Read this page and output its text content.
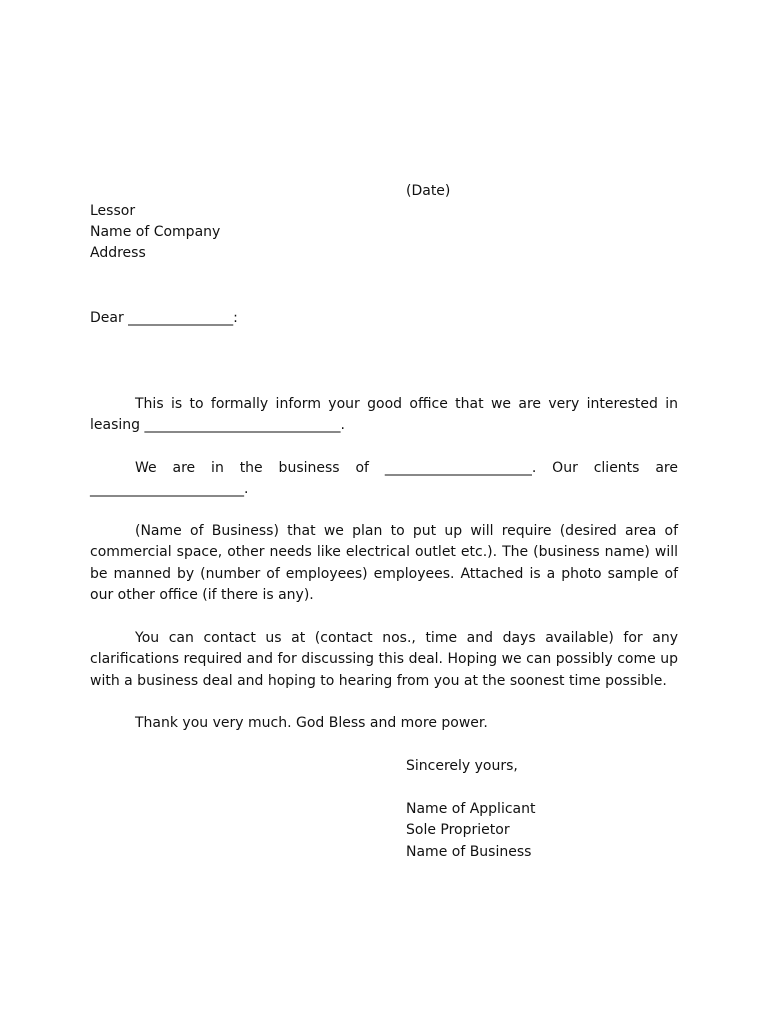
(Date)
Lessor
Name of Company
Address
Dear _______________:
This is to formally inform your good office that we are very interested in leasing ____________________________.
We are in the business of _____________________. Our clients are ______________________.
(Name of Business) that we plan to put up will require (desired area of commercial space, other needs like electrical outlet etc.). The (business name) will be manned by (number of employees) employees. Attached is a photo sample of our other office (if there is any).
You can contact us at (contact nos., time and days available) for any clarifications required and for discussing this deal. Hoping we can possibly come up with a business deal and hoping to hearing from you at the soonest time possible.
Thank you very much. God Bless and more power.
Sincerely yours,
Name of Applicant
Sole Proprietor
Name of Business
